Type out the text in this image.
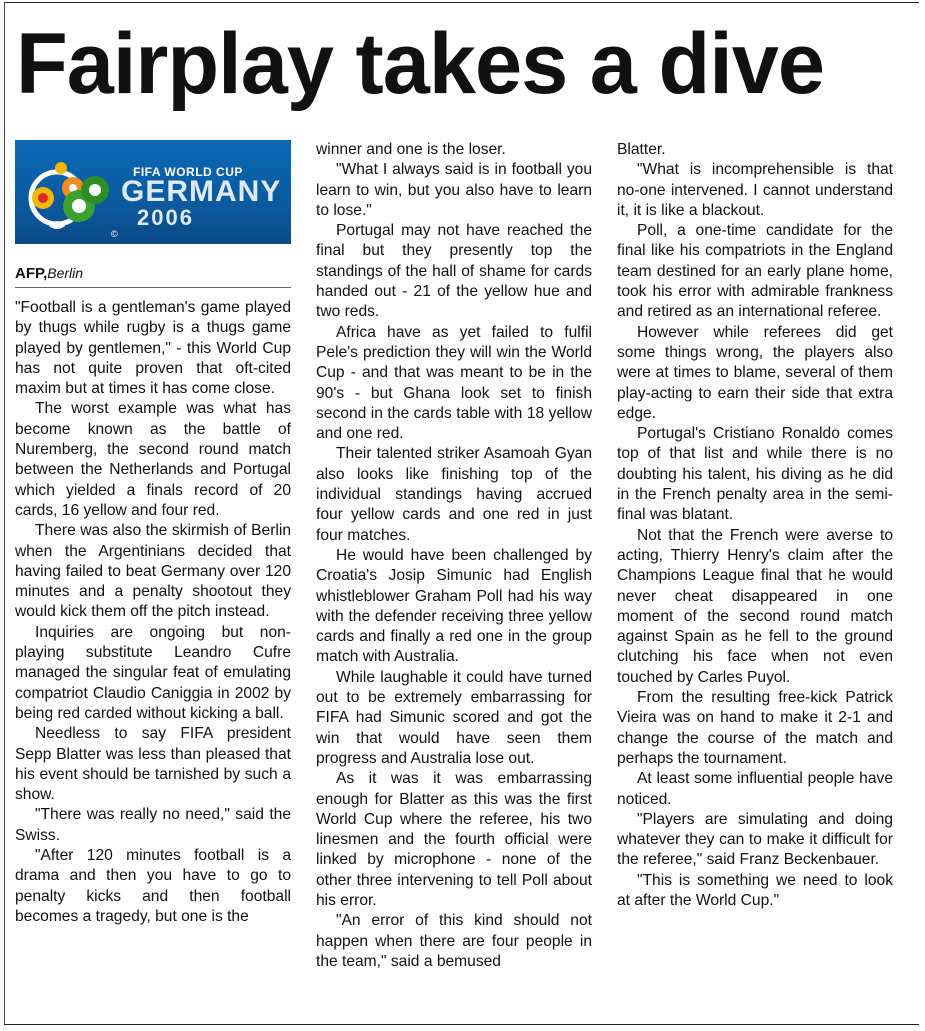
Fairplay takes a dive
FIFA WORLD CUP
GERMANY
2006
©
AFP,Berlin

"Football is a gentleman's game played by thugs while rugby is a thugs game played by gentlemen," - this World Cup has not quite proven that oft-cited maxim but at times it has come close.

The worst example was what has become known as the battle of Nuremberg, the second round match between the Netherlands and Portugal which yielded a finals record of 20 cards, 16 yellow and four red.

There was also the skirmish of Berlin when the Argentinians decided that having failed to beat Germany over 120 minutes and a penalty shootout they would kick them off the pitch instead.

Inquiries are ongoing but non-playing substitute Leandro Cufre managed the singular feat of emulating compatriot Claudio Caniggia in 2002 by being red carded without kicking a ball.

Needless to say FIFA president Sepp Blatter was less than pleased that his event should be tarnished by such a show.

"There was really no need," said the Swiss.

"After 120 minutes football is a drama and then you have to go to penalty kicks and then football becomes a tragedy, but one is the

winner and one is the loser.

"What I always said is in football you learn to win, but you also have to learn to lose."

Portugal may not have reached the final but they presently top the standings of the hall of shame for cards handed out - 21 of the yellow hue and two reds.

Africa have as yet failed to fulfil Pele's prediction they will win the World Cup - and that was meant to be in the 90's - but Ghana look set to finish second in the cards table with 18 yellow and one red.

Their talented striker Asamoah Gyan also looks like finishing top of the individual standings having accrued four yellow cards and one red in just four matches.

He would have been challenged by Croatia's Josip Simunic had English whistleblower Graham Poll had his way with the defender receiving three yellow cards and finally a red one in the group match with Australia.

While laughable it could have turned out to be extremely embarrassing for FIFA had Simunic scored and got the win that would have seen them progress and Australia lose out.

As it was it was embarrassing enough for Blatter as this was the first World Cup where the referee, his two linesmen and the fourth official were linked by microphone - none of the other three intervening to tell Poll about his error.

"An error of this kind should not happen when there are four people in the team," said a bemused

Blatter.

"What is incomprehensible is that no-one intervened. I cannot understand it, it is like a blackout.

Poll, a one-time candidate for the final like his compatriots in the England team destined for an early plane home, took his error with admirable frankness and retired as an international referee.

However while referees did get some things wrong, the players also were at times to blame, several of them play-acting to earn their side that extra edge.

Portugal's Cristiano Ronaldo comes top of that list and while there is no doubting his talent, his diving as he did in the French penalty area in the semi-final was blatant.

Not that the French were averse to acting, Thierry Henry's claim after the Champions League final that he would never cheat disappeared in one moment of the second round match against Spain as he fell to the ground clutching his face when not even touched by Carles Puyol.

From the resulting free-kick Patrick Vieira was on hand to make it 2-1 and change the course of the match and perhaps the tournament.

At least some influential people have noticed.

"Players are simulating and doing whatever they can to make it difficult for the referee," said Franz Beckenbauer.

"This is something we need to look at after the World Cup."
